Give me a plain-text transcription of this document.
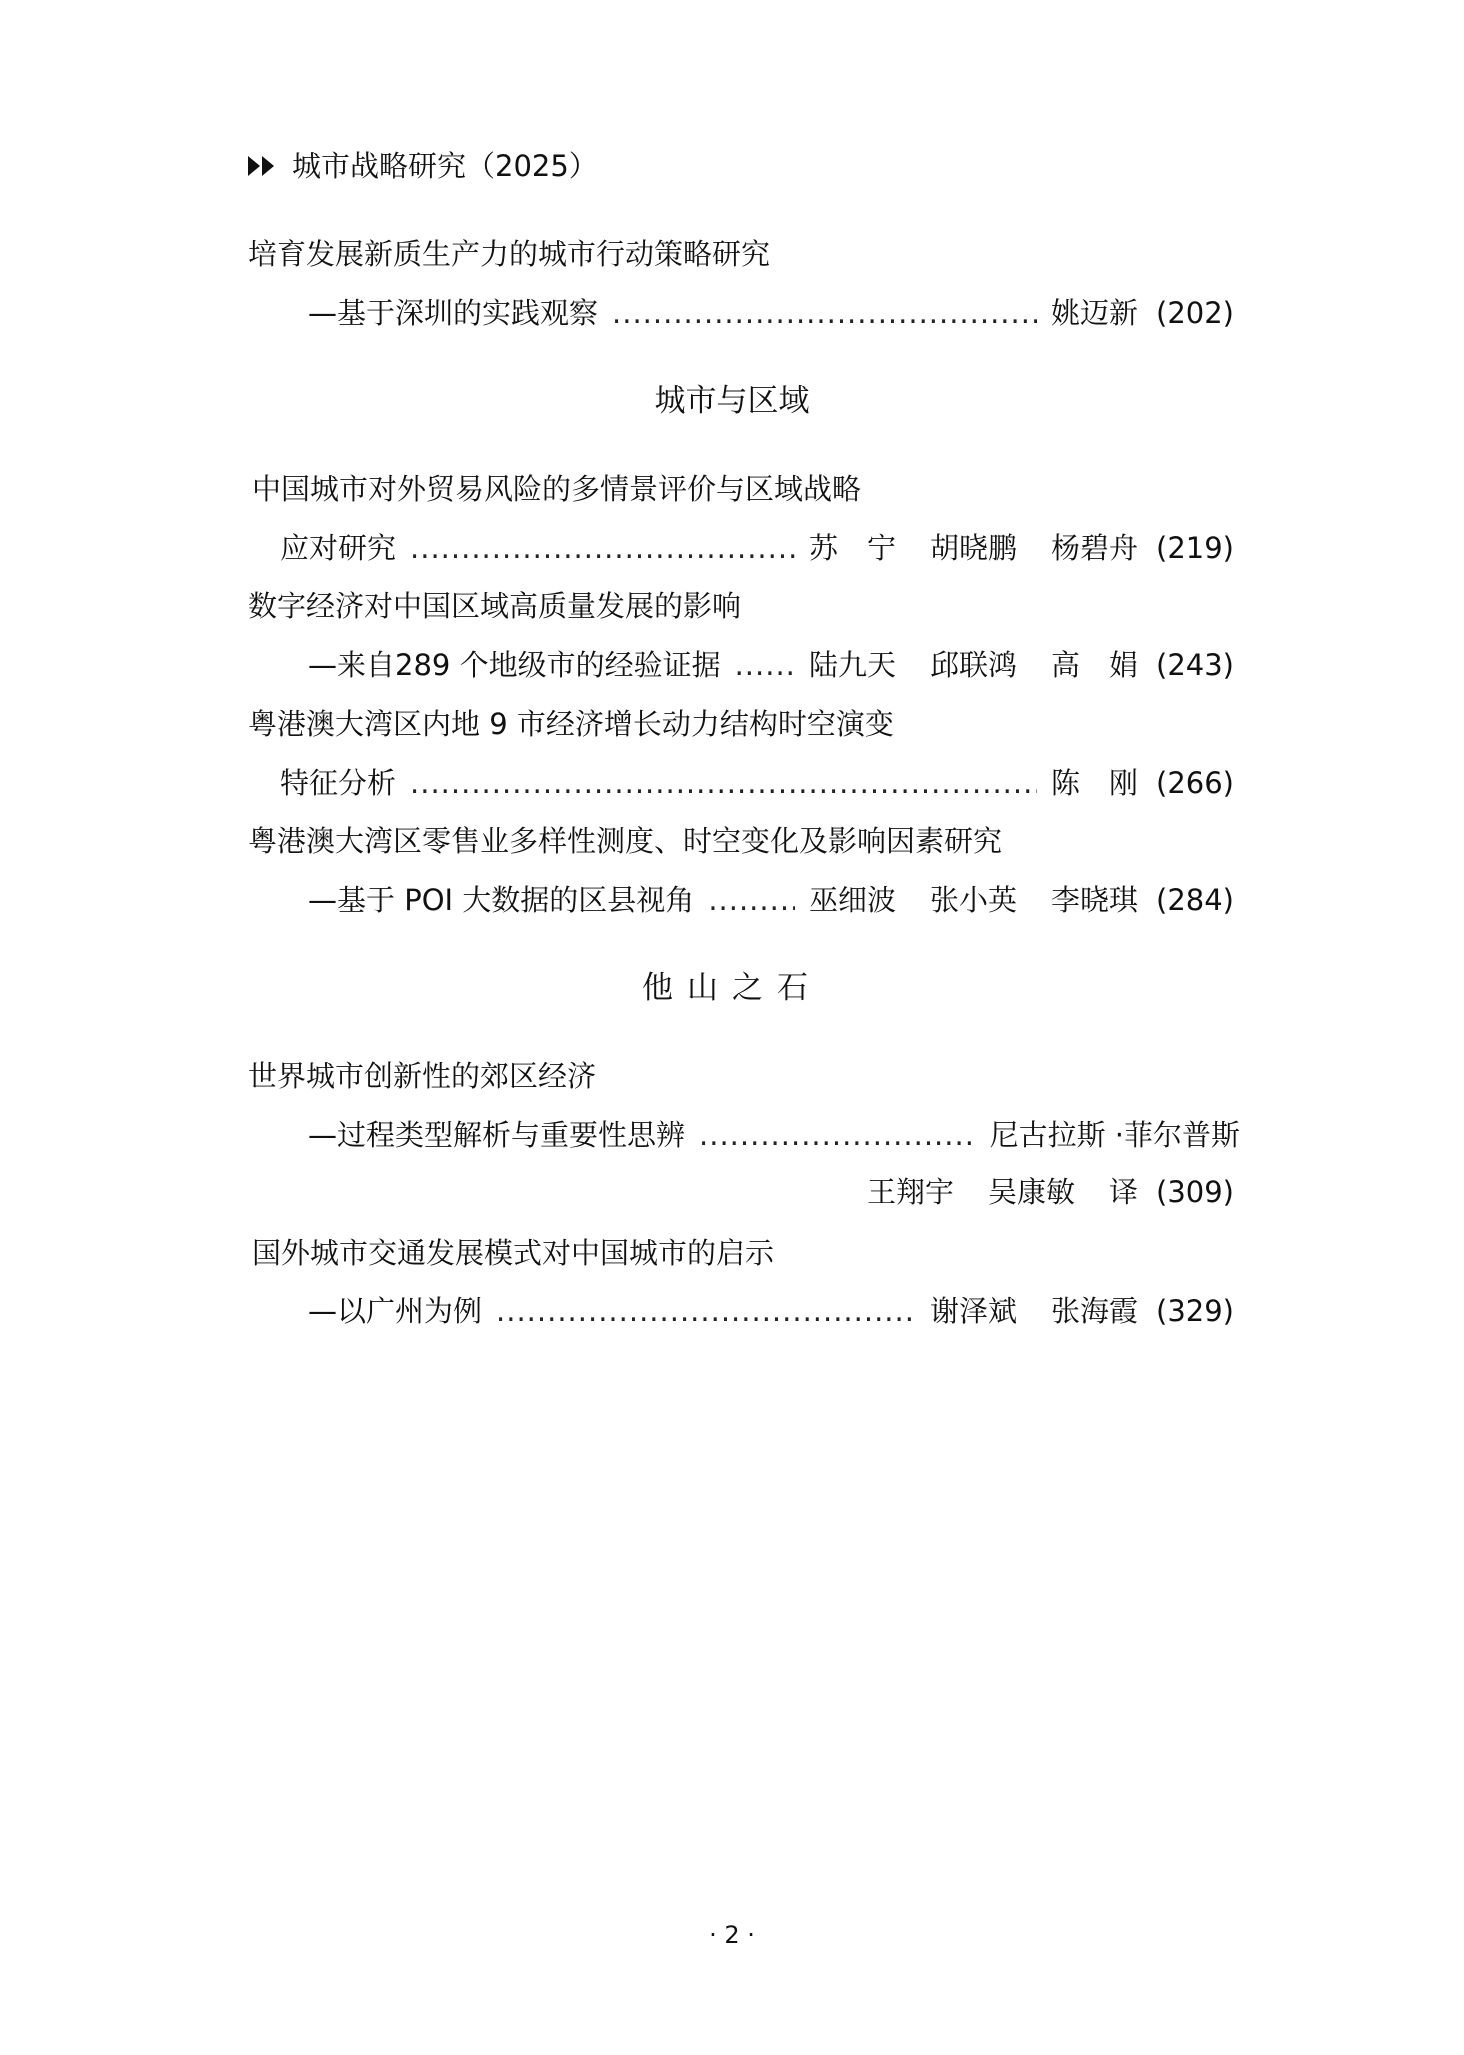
城市战略研究（2025）
培育发展新质生产力的城市行动策略研究
—基于深圳的实践观察 .....	姚迈新 (202)
城市与区域
中国城市对外贸易风险的多情景评价与区域战略
应对研究 .....	苏　宁 胡晓鹏 杨碧舟 (219)
数字经济对中国区域高质量发展的影响
—来自289 个地级市的经验证据 .....	陆九天 邱联鸿 高　娟 (243)
粤港澳大湾区内地 9 市经济增长动力结构时空演变
特征分析 .....	陈　刚 (266)
粤港澳大湾区零售业多样性测度、时空变化及影响因素研究
—基于 POI 大数据的区县视角 .....	巫细波 张小英 李晓琪 (284)
他山之石
世界城市创新性的郊区经济
—过程类型解析与重要性思辨 .....	尼古拉斯 ·菲尔普斯
王翔宇 吴康敏 译 (309)
国外城市交通发展模式对中国城市的启示
—以广州为例 .....	谢泽斌 张海霞 (329)
· 2 ·
